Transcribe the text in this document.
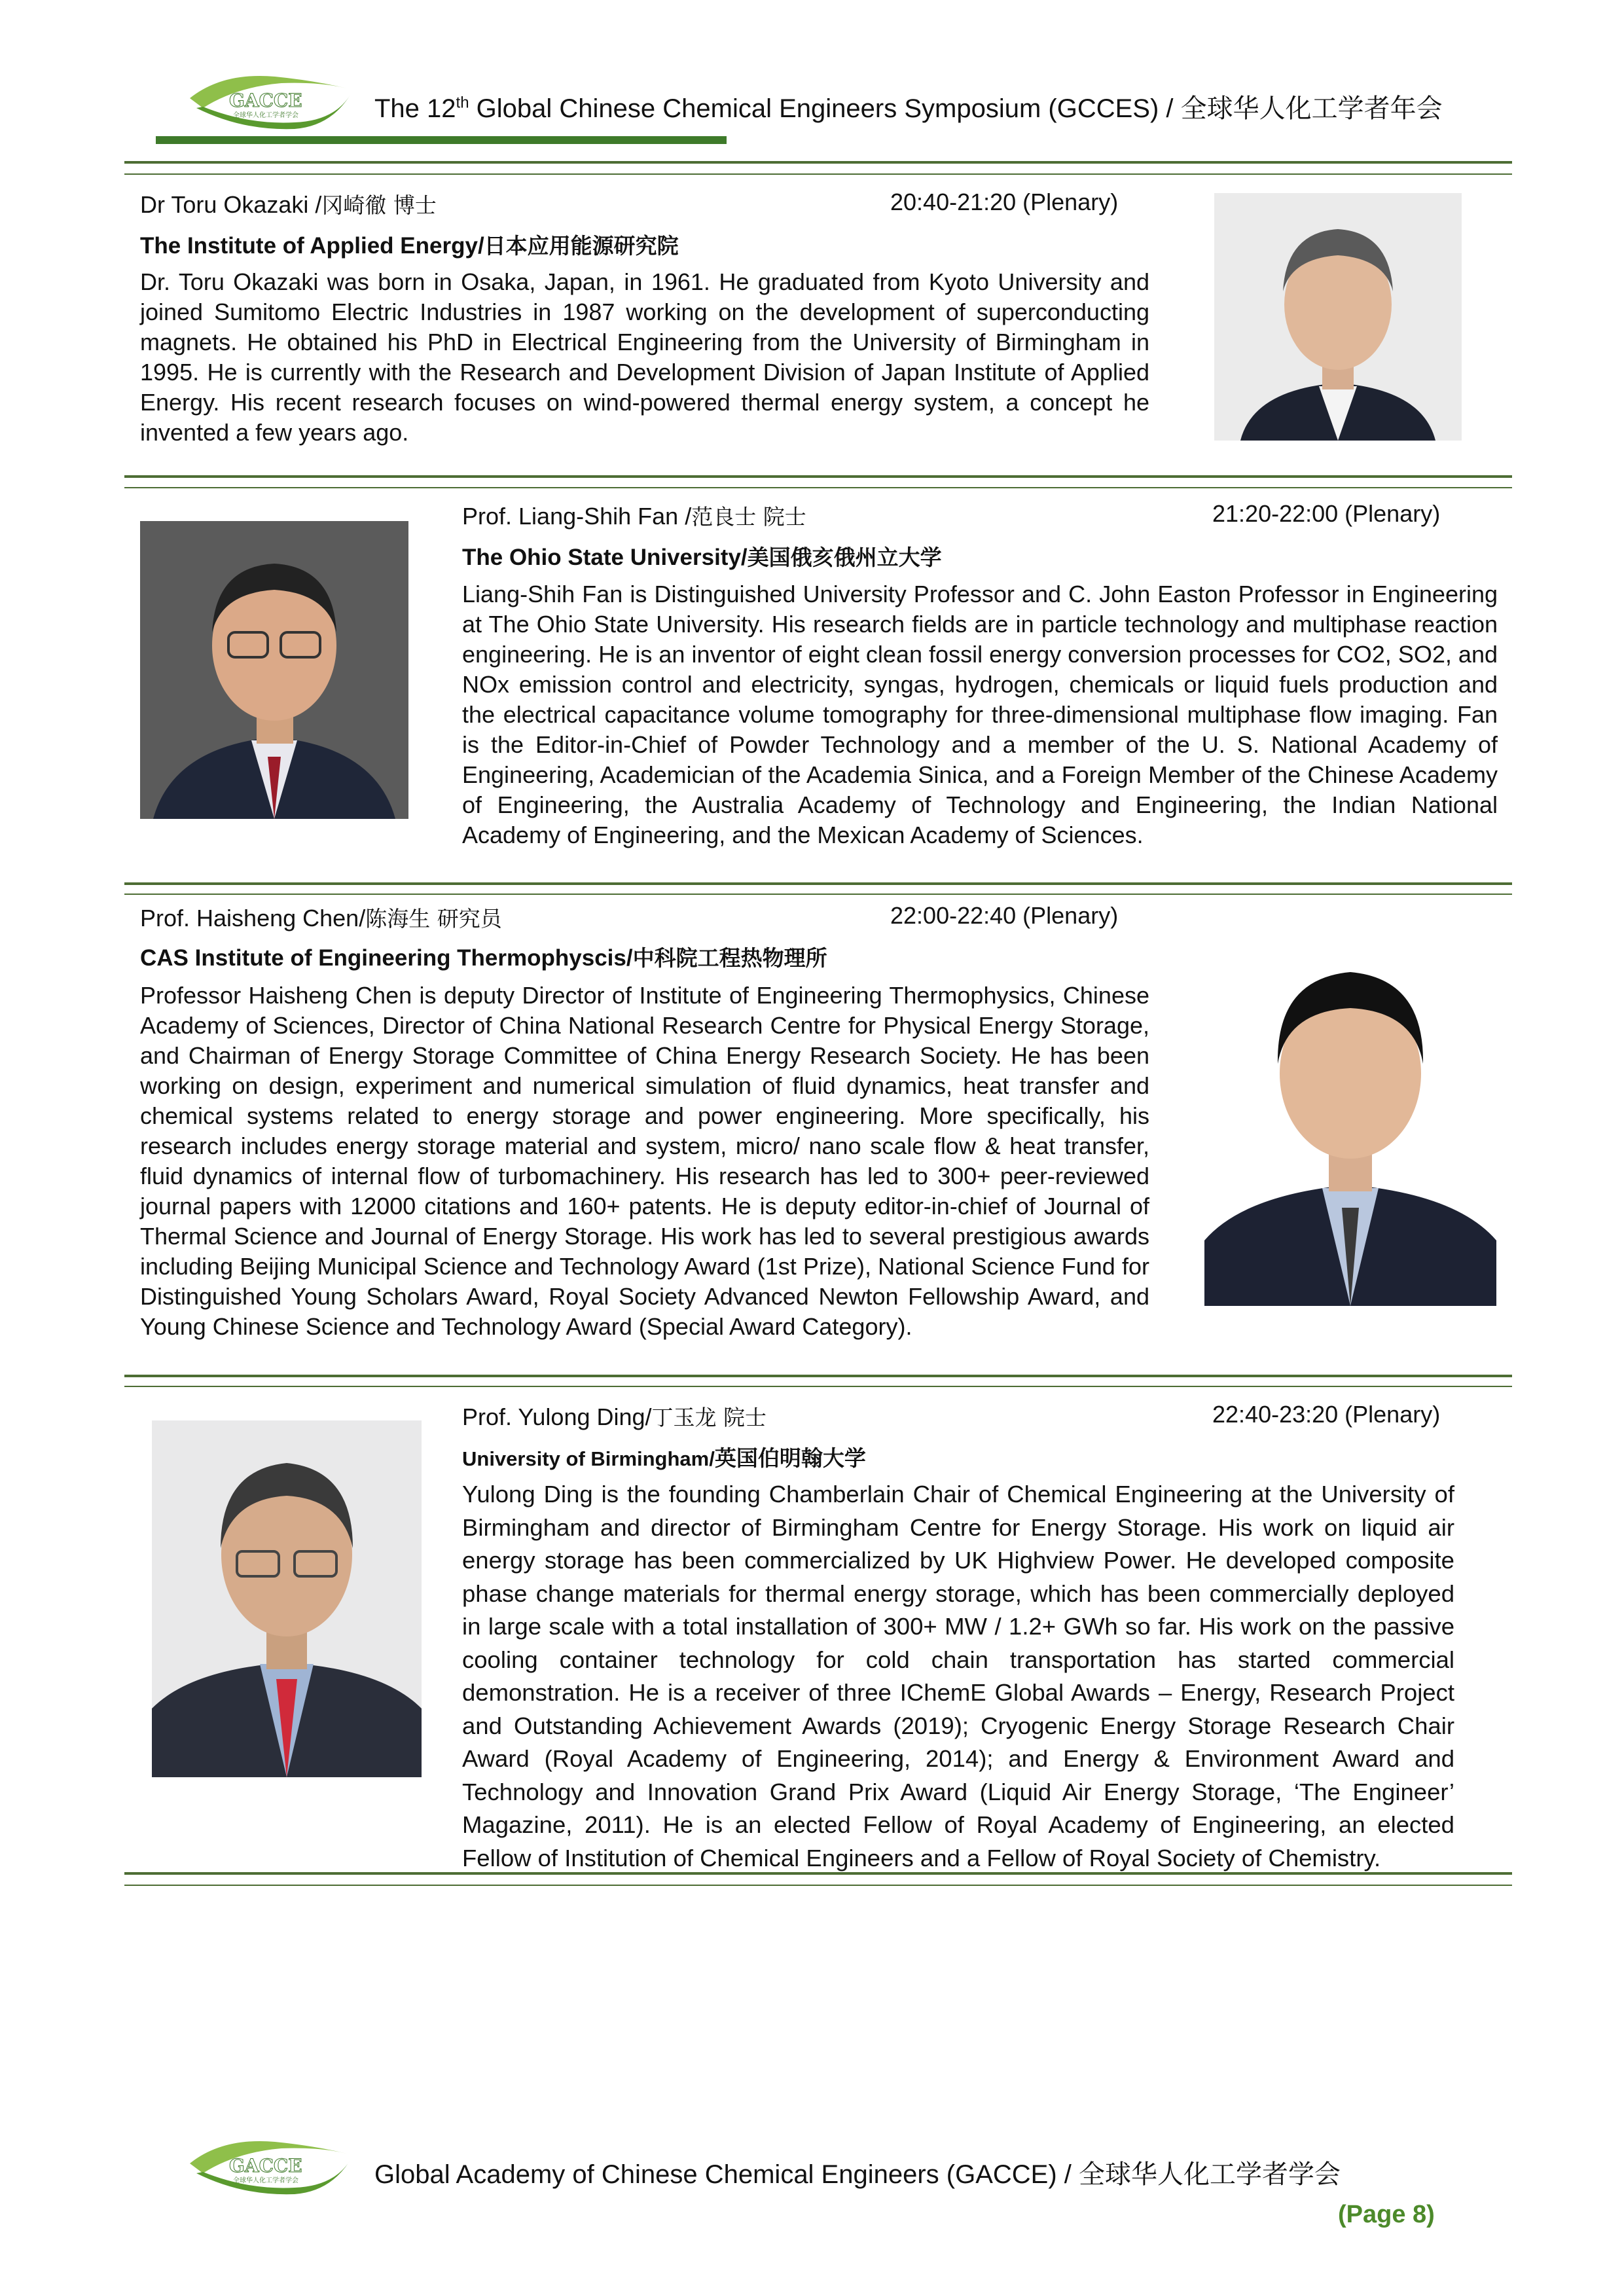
GACCE
全球华人化工学者学会	The 12th Global Chinese Chemical Engineers Symposium (GCCES) / 全球华人化工学者年会
Dr Toru Okazaki /冈崎徹 博士	20:40-21:20 (Plenary)
The Institute of Applied Energy/日本应用能源研究院
Dr. Toru Okazaki was born in Osaka, Japan, in 1961. He graduated from Kyoto University and joined Sumitomo Electric Industries in 1987 working on the development of superconducting magnets. He obtained his PhD in Electrical Engineering from the University of Birmingham in 1995. He is currently with the Research and Development Division of Japan Institute of Applied Energy. His recent research focuses on wind-powered thermal energy system, a concept he invented a few years ago.
Prof. Liang-Shih Fan /范良士 院士	21:20-22:00 (Plenary)
The Ohio State University/美国俄亥俄州立大学
Liang-Shih Fan is Distinguished University Professor and C. John Easton Professor in Engineering at The Ohio State University. His research fields are in particle technology and multiphase reaction engineering. He is an inventor of eight clean fossil energy conversion processes for CO2, SO2, and NOx emission control and electricity, syngas, hydrogen, chemicals or liquid fuels production and the electrical capacitance volume tomography for three-dimensional multiphase flow imaging. Fan is the Editor-in-Chief of Powder Technology and a member of the U. S. National Academy of Engineering, Academician of the Academia Sinica, and a Foreign Member of the Chinese Academy of Engineering, the Australia Academy of Technology and Engineering, the Indian National Academy of Engineering, and the Mexican Academy of Sciences.
Prof. Haisheng Chen/陈海生 研究员	22:00-22:40 (Plenary)
CAS Institute of Engineering Thermophyscis/中科院工程热物理所
Professor Haisheng Chen is deputy Director of Institute of Engineering Thermophysics, Chinese Academy of Sciences, Director of China National Research Centre for Physical Energy Storage, and Chairman of Energy Storage Committee of China Energy Research Society. He has been working on design, experiment and numerical simulation of fluid dynamics, heat transfer and chemical systems related to energy storage and power engineering. More specifically, his research includes energy storage material and system, micro/ nano scale flow & heat transfer, fluid dynamics of internal flow of turbomachinery. His research has led to 300+ peer-reviewed journal papers with 12000 citations and 160+ patents. He is deputy editor-in-chief of Journal of Thermal Science and Journal of Energy Storage. His work has led to several prestigious awards including Beijing Municipal Science and Technology Award (1st Prize), National Science Fund for Distinguished Young Scholars Award, Royal Society Advanced Newton Fellowship Award, and Young Chinese Science and Technology Award (Special Award Category).
Prof. Yulong Ding/丁玉龙 院士	22:40-23:20 (Plenary)
University of Birmingham/英国伯明翰大学
Yulong Ding is the founding Chamberlain Chair of Chemical Engineering at the University of Birmingham and director of Birmingham Centre for Energy Storage. His work on liquid air energy storage has been commercialized by UK Highview Power. He developed composite phase change materials for thermal energy storage, which has been commercially deployed in large scale with a total installation of 300+ MW / 1.2+ GWh so far. His work on the passive cooling container technology for cold chain transportation has started commercial demonstration. He is a receiver of three IChemE Global Awards – Energy, Research Project and Outstanding Achievement Awards (2019); Cryogenic Energy Storage Research Chair Award (Royal Academy of Engineering, 2014); and Energy & Environment Award and Technology and Innovation Grand Prix Award (Liquid Air Energy Storage, ‘The Engineer’ Magazine, 2011). He is an elected Fellow of Royal Academy of Engineering, an elected Fellow of Institution of Chemical Engineers and a Fellow of Royal Society of Chemistry.
GACCE
全球华人化工学者学会	Global Academy of Chinese Chemical Engineers (GACCE) / 全球华人化工学者学会
(Page 8)
